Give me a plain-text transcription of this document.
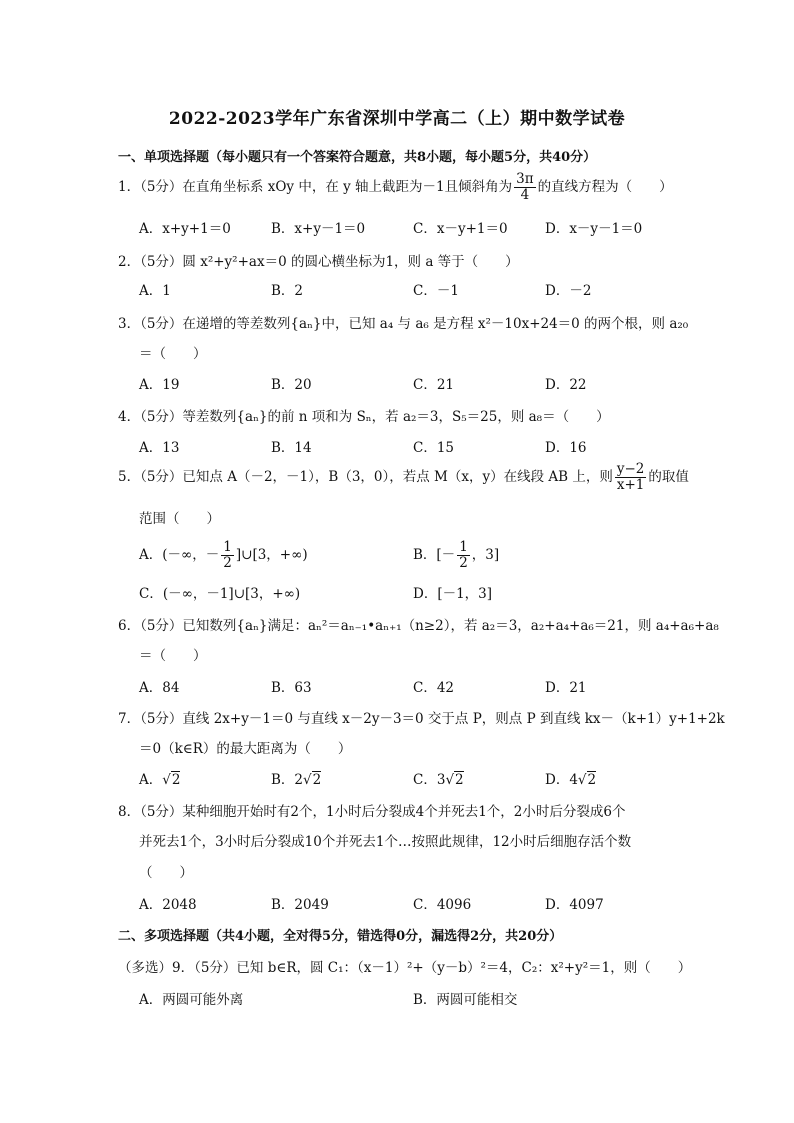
2022-2023学年广东省深圳中学高二（上）期中数学试卷
一、单项选择题（每小题只有一个答案符合题意，共8小题，每小题5分，共40分）
1．（5分）在直角坐标系 xOy 中，在 y 轴上截距为－1且倾斜角为 $\frac{3\pi}{4}$ 的直线方程为（　　）
A．x+y+1＝0	B．x+y－1＝0	C．x－y+1＝0	D．x－y－1＝0
2．（5分）圆 x²+y²+ax＝0 的圆心横坐标为1，则 a 等于（　　）
A．1	B．2	C．－1	D．－2
3．（5分）在递增的等差数列{aₙ}中，已知 a₄ 与 a₆ 是方程 x²－10x+24＝0 的两个根，则 a₂₀
＝（　　）
A．19	B．20	C．21	D．22
4．（5分）等差数列{aₙ}的前 n 项和为 Sₙ，若 a₂＝3，S₅＝25，则 a₈＝（　　）
A．13	B．14	C．15	D．16
5．（5分）已知点 A（－2，－1），B（3，0），若点 M（x，y）在线段 AB 上，则 $\frac{y-2}{x+1}$ 的取值
范围（　　）
A．(－∞，－ $\frac{1}{2}$ ]∪[3，+∞)	B．[－ $\frac{1}{2}$ ，3]
C．(－∞，－1]∪[3，+∞)	D．[－1，3]
6．（5分）已知数列{aₙ}满足：aₙ²＝aₙ₋₁•aₙ₊₁（n≥2），若 a₂＝3，a₂+a₄+a₆＝21，则 a₄+a₆+a₈
＝（　　）
A．84	B．63	C．42	D．21
7．（5分）直线 2x+y－1＝0 与直线 x－2y－3＝0 交于点 P，则点 P 到直线 kx－（k+1）y+1+2k
＝0（k∈R）的最大距离为（　　）
A．√2	B．2√2	C．3√2	D．4√2
8．（5分）某种细胞开始时有2个，1小时后分裂成4个并死去1个，2小时后分裂成6个
并死去1个，3小时后分裂成10个并死去1个…按照此规律，12小时后细胞存活个数
（　　）
A．2048	B．2049	C．4096	D．4097
二、多项选择题（共4小题，全对得5分，错选得0分，漏选得2分，共20分）
（多选）9．（5分）已知 b∈R，圆 C₁：（x－1）²+（y－b）²＝4，C₂：x²+y²＝1，则（　　）
A．两圆可能外离	B．两圆可能相交
